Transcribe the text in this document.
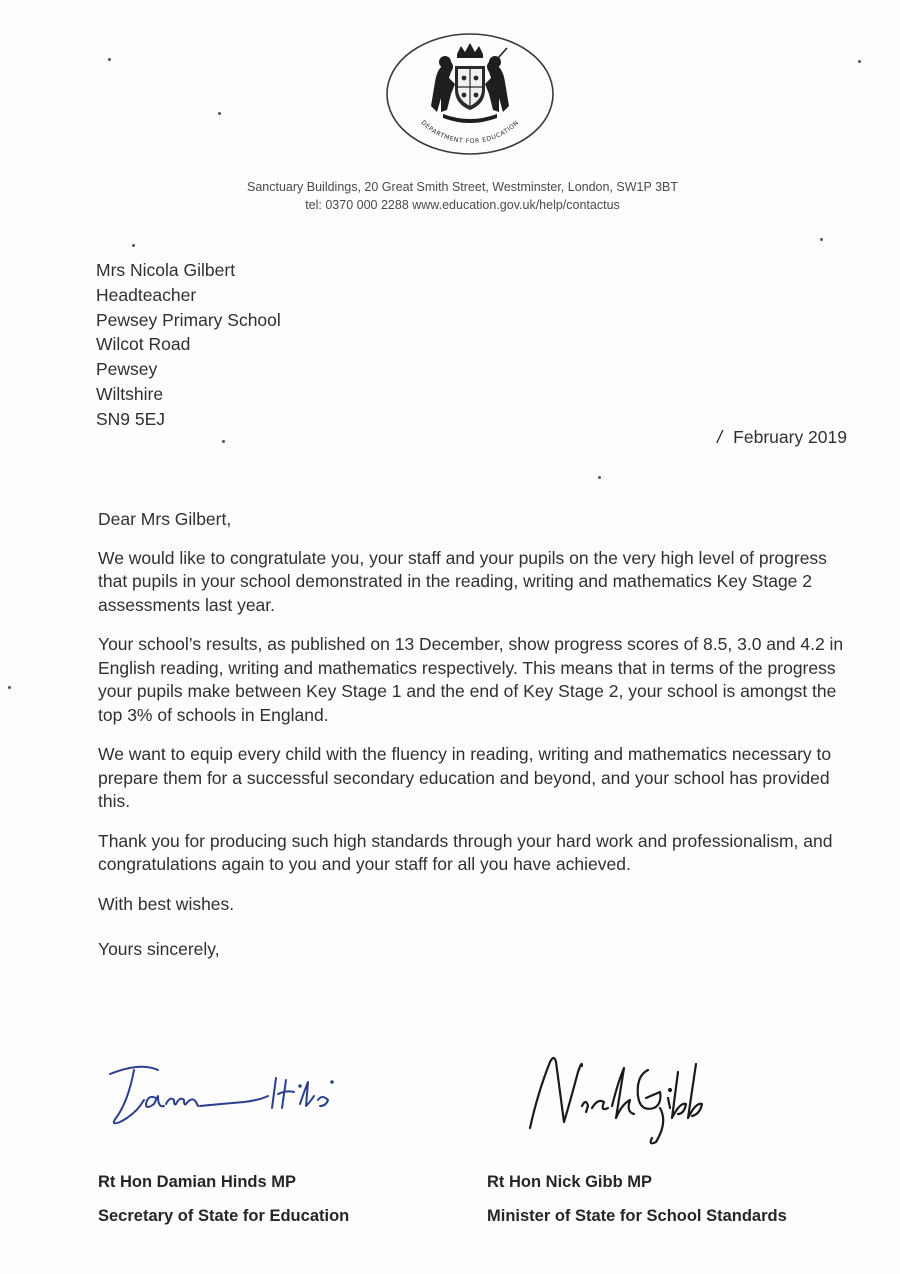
DEPARTMENT FOR EDUCATION
Sanctuary Buildings, 20 Great Smith Street, Westminster, London, SW1P 3BT
tel: 0370 000 2288 www.education.gov.uk/help/contactus
Mrs Nicola Gilbert
Headteacher
Pewsey Primary School
Wilcot Road
Pewsey
Wiltshire
SN9 5EJ
/ February 2019

Dear Mrs Gilbert,

We would like to congratulate you, your staff and your pupils on the very high level of progress that pupils in your school demonstrated in the reading, writing and mathematics Key Stage 2 assessments last year.

Your school’s results, as published on 13 December, show progress scores of 8.5, 3.0 and 4.2 in English reading, writing and mathematics respectively. This means that in terms of the progress your pupils make between Key Stage 1 and the end of Key Stage 2, your school is amongst the top 3% of schools in England.

We want to equip every child with the fluency in reading, writing and mathematics necessary to prepare them for a successful secondary education and beyond, and your school has provided this.

Thank you for producing such high standards through your hard work and professionalism, and congratulations again to you and your staff for all you have achieved.

With best wishes.

Yours sincerely,

Rt Hon Damian Hinds MP
Secretary of State for Education
Rt Hon Nick Gibb MP
Minister of State for School Standards
